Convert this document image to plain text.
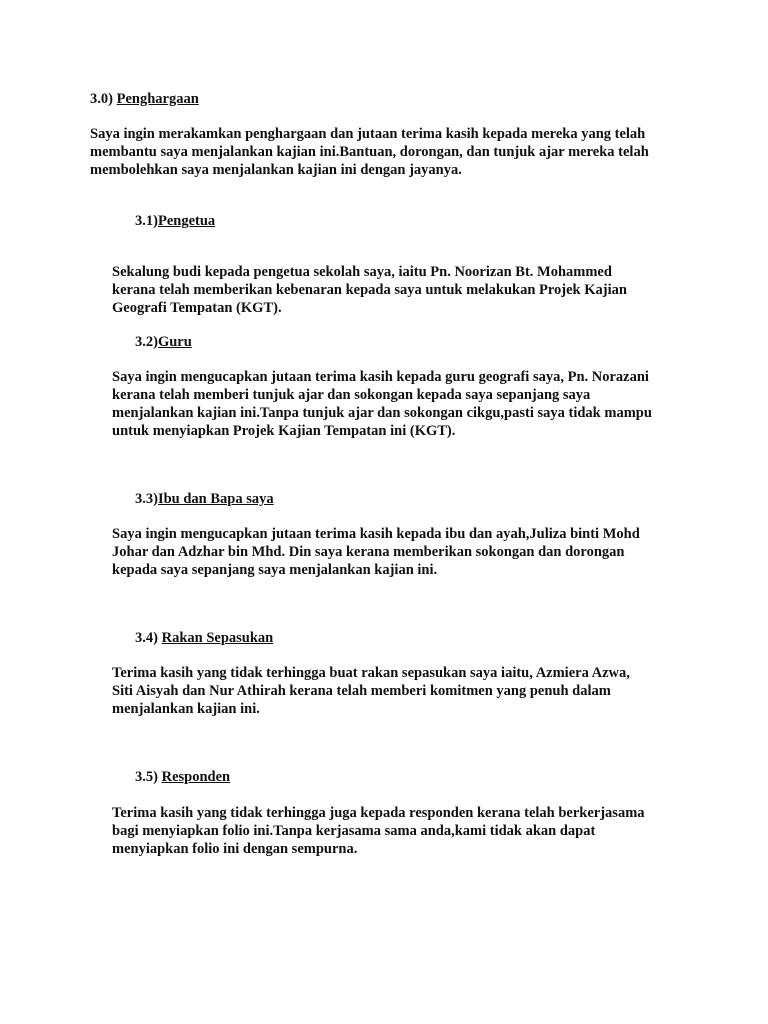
3.0) Penghargaan
Saya ingin merakamkan penghargaan dan jutaan terima kasih kepada mereka yang telah
membantu saya menjalankan kajian ini.Bantuan, dorongan, dan tunjuk ajar mereka telah
membolehkan saya menjalankan kajian ini dengan jayanya.
3.1)Pengetua
Sekalung budi kepada pengetua sekolah saya, iaitu Pn. Noorizan Bt. Mohammed
kerana telah memberikan kebenaran kepada saya untuk melakukan Projek Kajian
Geografi Tempatan (KGT).
3.2)Guru
Saya ingin mengucapkan jutaan terima kasih kepada guru geografi saya, Pn. Norazani
kerana telah memberi tunjuk ajar dan sokongan kepada saya sepanjang saya
menjalankan kajian ini.Tanpa tunjuk ajar dan sokongan cikgu,pasti saya tidak mampu
untuk menyiapkan Projek Kajian Tempatan ini (KGT).
3.3)Ibu dan Bapa saya
Saya ingin mengucapkan jutaan terima kasih kepada ibu dan ayah,Juliza binti Mohd
Johar dan Adzhar bin Mhd. Din saya kerana memberikan sokongan dan dorongan
kepada saya sepanjang saya menjalankan kajian ini.
3.4) Rakan Sepasukan
Terima kasih yang tidak terhingga buat rakan sepasukan saya iaitu, Azmiera Azwa,
Siti Aisyah dan Nur Athirah kerana telah memberi komitmen yang penuh dalam
menjalankan kajian ini.
3.5) Responden
Terima kasih yang tidak terhingga juga kepada responden kerana telah berkerjasama
bagi menyiapkan folio ini.Tanpa kerjasama sama anda,kami tidak akan dapat
menyiapkan folio ini dengan sempurna.
